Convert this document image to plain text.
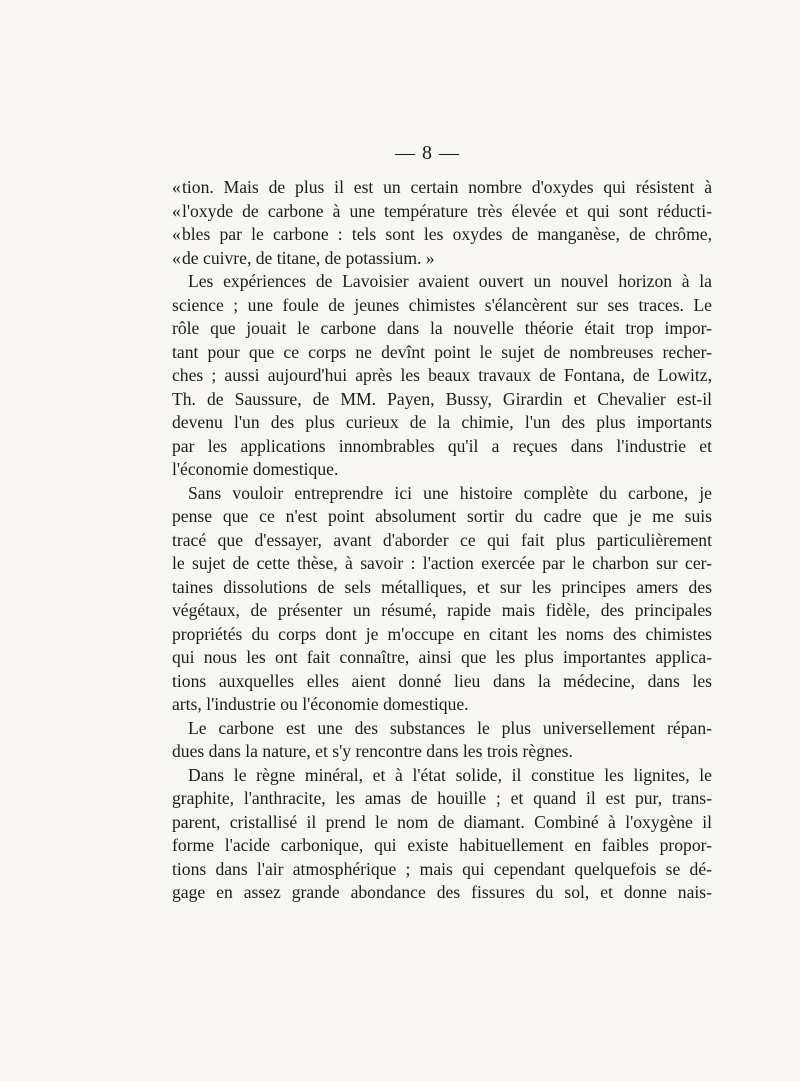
— 8 —
«tion. Mais de plus il est un certain nombre d'oxydes qui résistent à
«l'oxyde de carbone à une température très élevée et qui sont réducti-
«bles par le carbone : tels sont les oxydes de manganèse, de chrôme,
«de cuivre, de titane, de potassium. »
Les expériences de Lavoisier avaient ouvert un nouvel horizon à la
science ; une foule de jeunes chimistes s'élancèrent sur ses traces. Le
rôle que jouait le carbone dans la nouvelle théorie était trop impor-
tant pour que ce corps ne devînt point le sujet de nombreuses recher-
ches ; aussi aujourd'hui après les beaux travaux de Fontana, de Lowitz,
Th. de Saussure, de MM. Payen, Bussy, Girardin et Chevalier est-il
devenu l'un des plus curieux de la chimie, l'un des plus importants
par les applications innombrables qu'il a reçues dans l'industrie et
l'économie domestique.
Sans vouloir entreprendre ici une histoire complète du carbone, je
pense que ce n'est point absolument sortir du cadre que je me suis
tracé que d'essayer, avant d'aborder ce qui fait plus particulièrement
le sujet de cette thèse, à savoir : l'action exercée par le charbon sur cer-
taines dissolutions de sels métalliques, et sur les principes amers des
végétaux, de présenter un résumé, rapide mais fidèle, des principales
propriétés du corps dont je m'occupe en citant les noms des chimistes
qui nous les ont fait connaître, ainsi que les plus importantes applica-
tions auxquelles elles aient donné lieu dans la médecine, dans les
arts, l'industrie ou l'économie domestique.
Le carbone est une des substances le plus universellement répan-
dues dans la nature, et s'y rencontre dans les trois règnes.
Dans le règne minéral, et à l'état solide, il constitue les lignites, le
graphite, l'anthracite, les amas de houille ; et quand il est pur, trans-
parent, cristallisé il prend le nom de diamant. Combiné à l'oxygène il
forme l'acide carbonique, qui existe habituellement en faibles propor-
tions dans l'air atmosphérique ; mais qui cependant quelquefois se dé-
gage en assez grande abondance des fissures du sol, et donne nais-
